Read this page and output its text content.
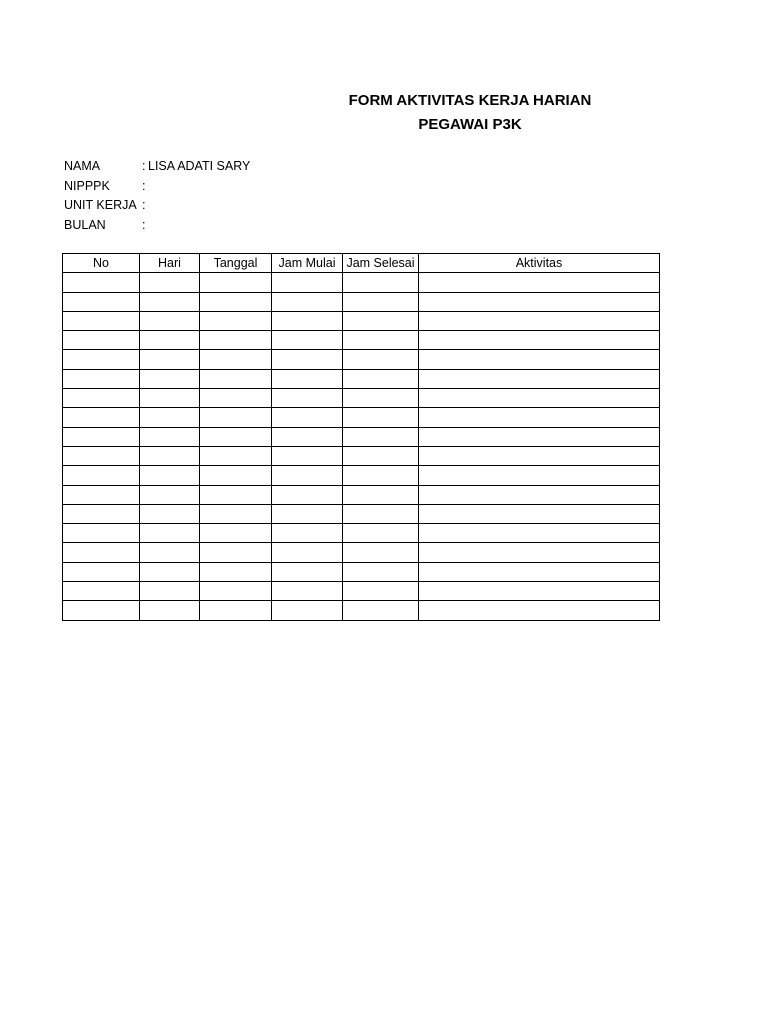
FORM AKTIVITAS KERJA HARIAN
PEGAWAI P3K
NAMA	: LISA ADATI SARY
NIPPPK	:
UNIT KERJA :
BULAN	:
No	Hari	Tanggal	Jam Mulai	Jam Selesai	Aktivitas
